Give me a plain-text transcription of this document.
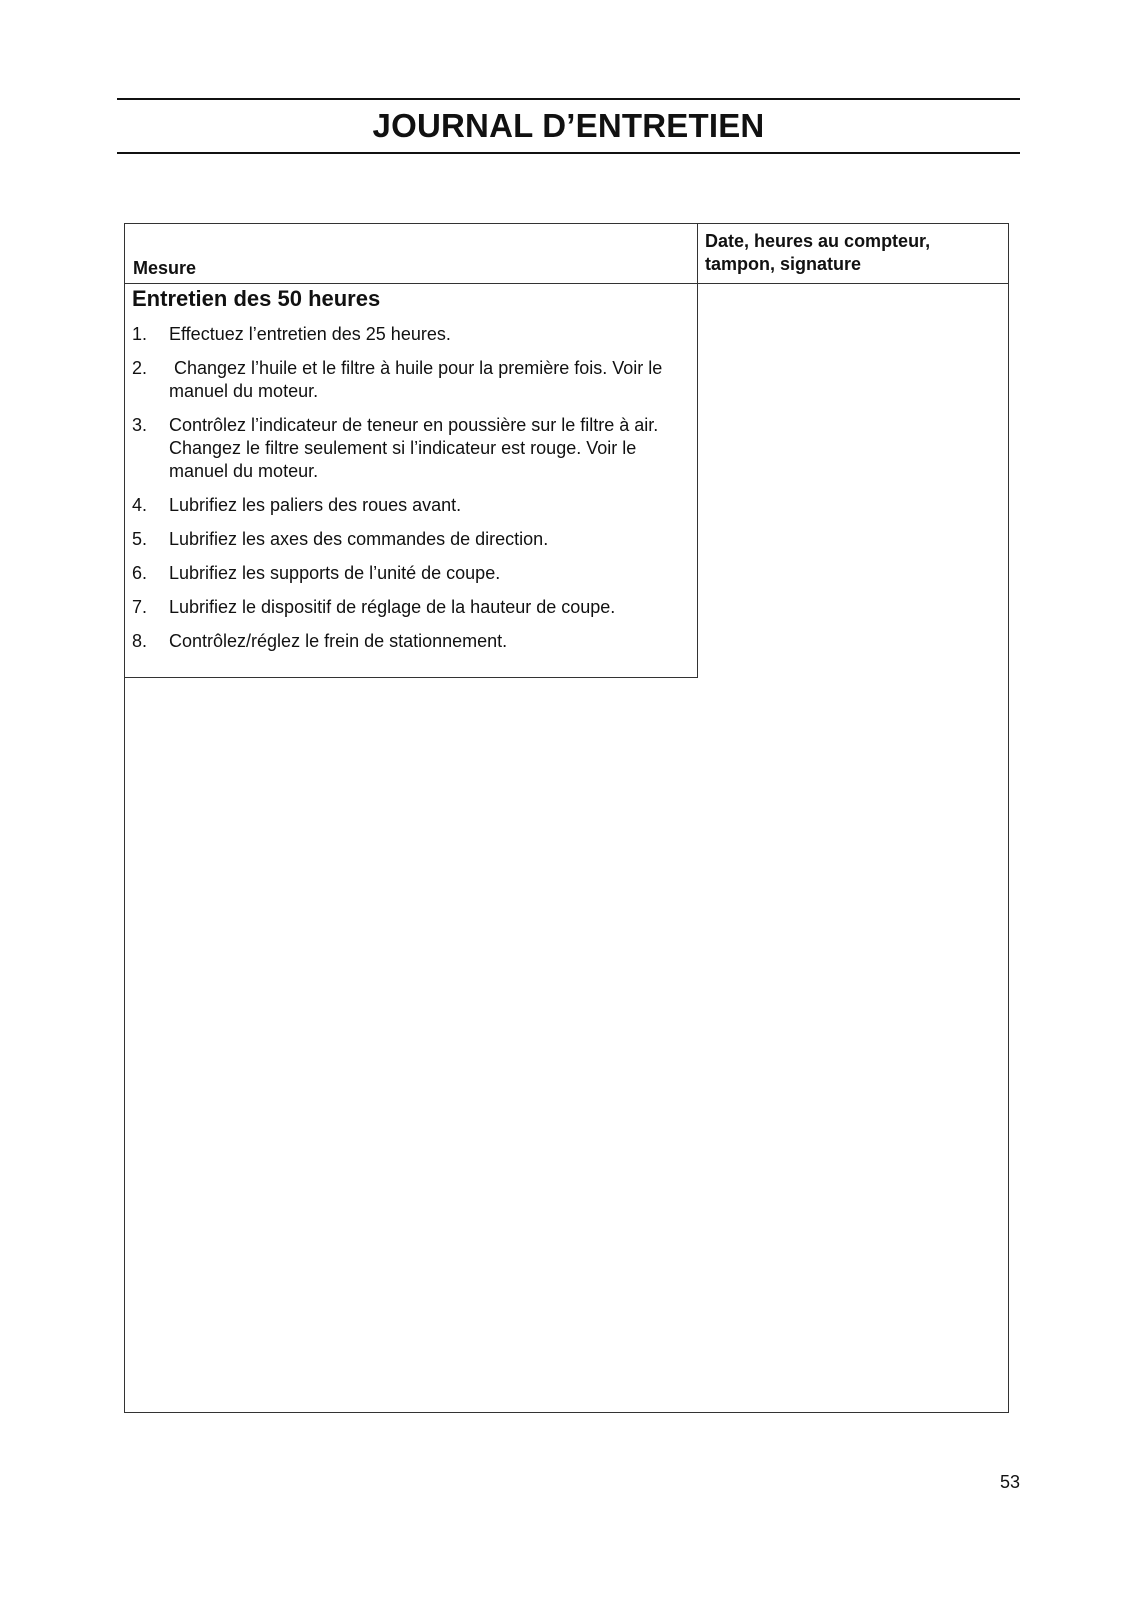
JOURNAL D’ENTRETIEN
Mesure
Date, heures au compteur, tampon, signature
Entretien des 50 heures
1. Effectuez l’entretien des 25 heures.
2. Changez l’huile et le filtre à huile pour la première fois. Voir le manuel du moteur.
3. Contrôlez l’indicateur de teneur en poussière sur le filtre à air. Changez le filtre seulement si l’indicateur est rouge. Voir le manuel du moteur.
4. Lubrifiez les paliers des roues avant.
5. Lubrifiez les axes des commandes de direction.
6. Lubrifiez les supports de l’unité de coupe.
7. Lubrifiez le dispositif de réglage de la hauteur de coupe.
8. Contrôlez/réglez le frein de stationnement.
53
